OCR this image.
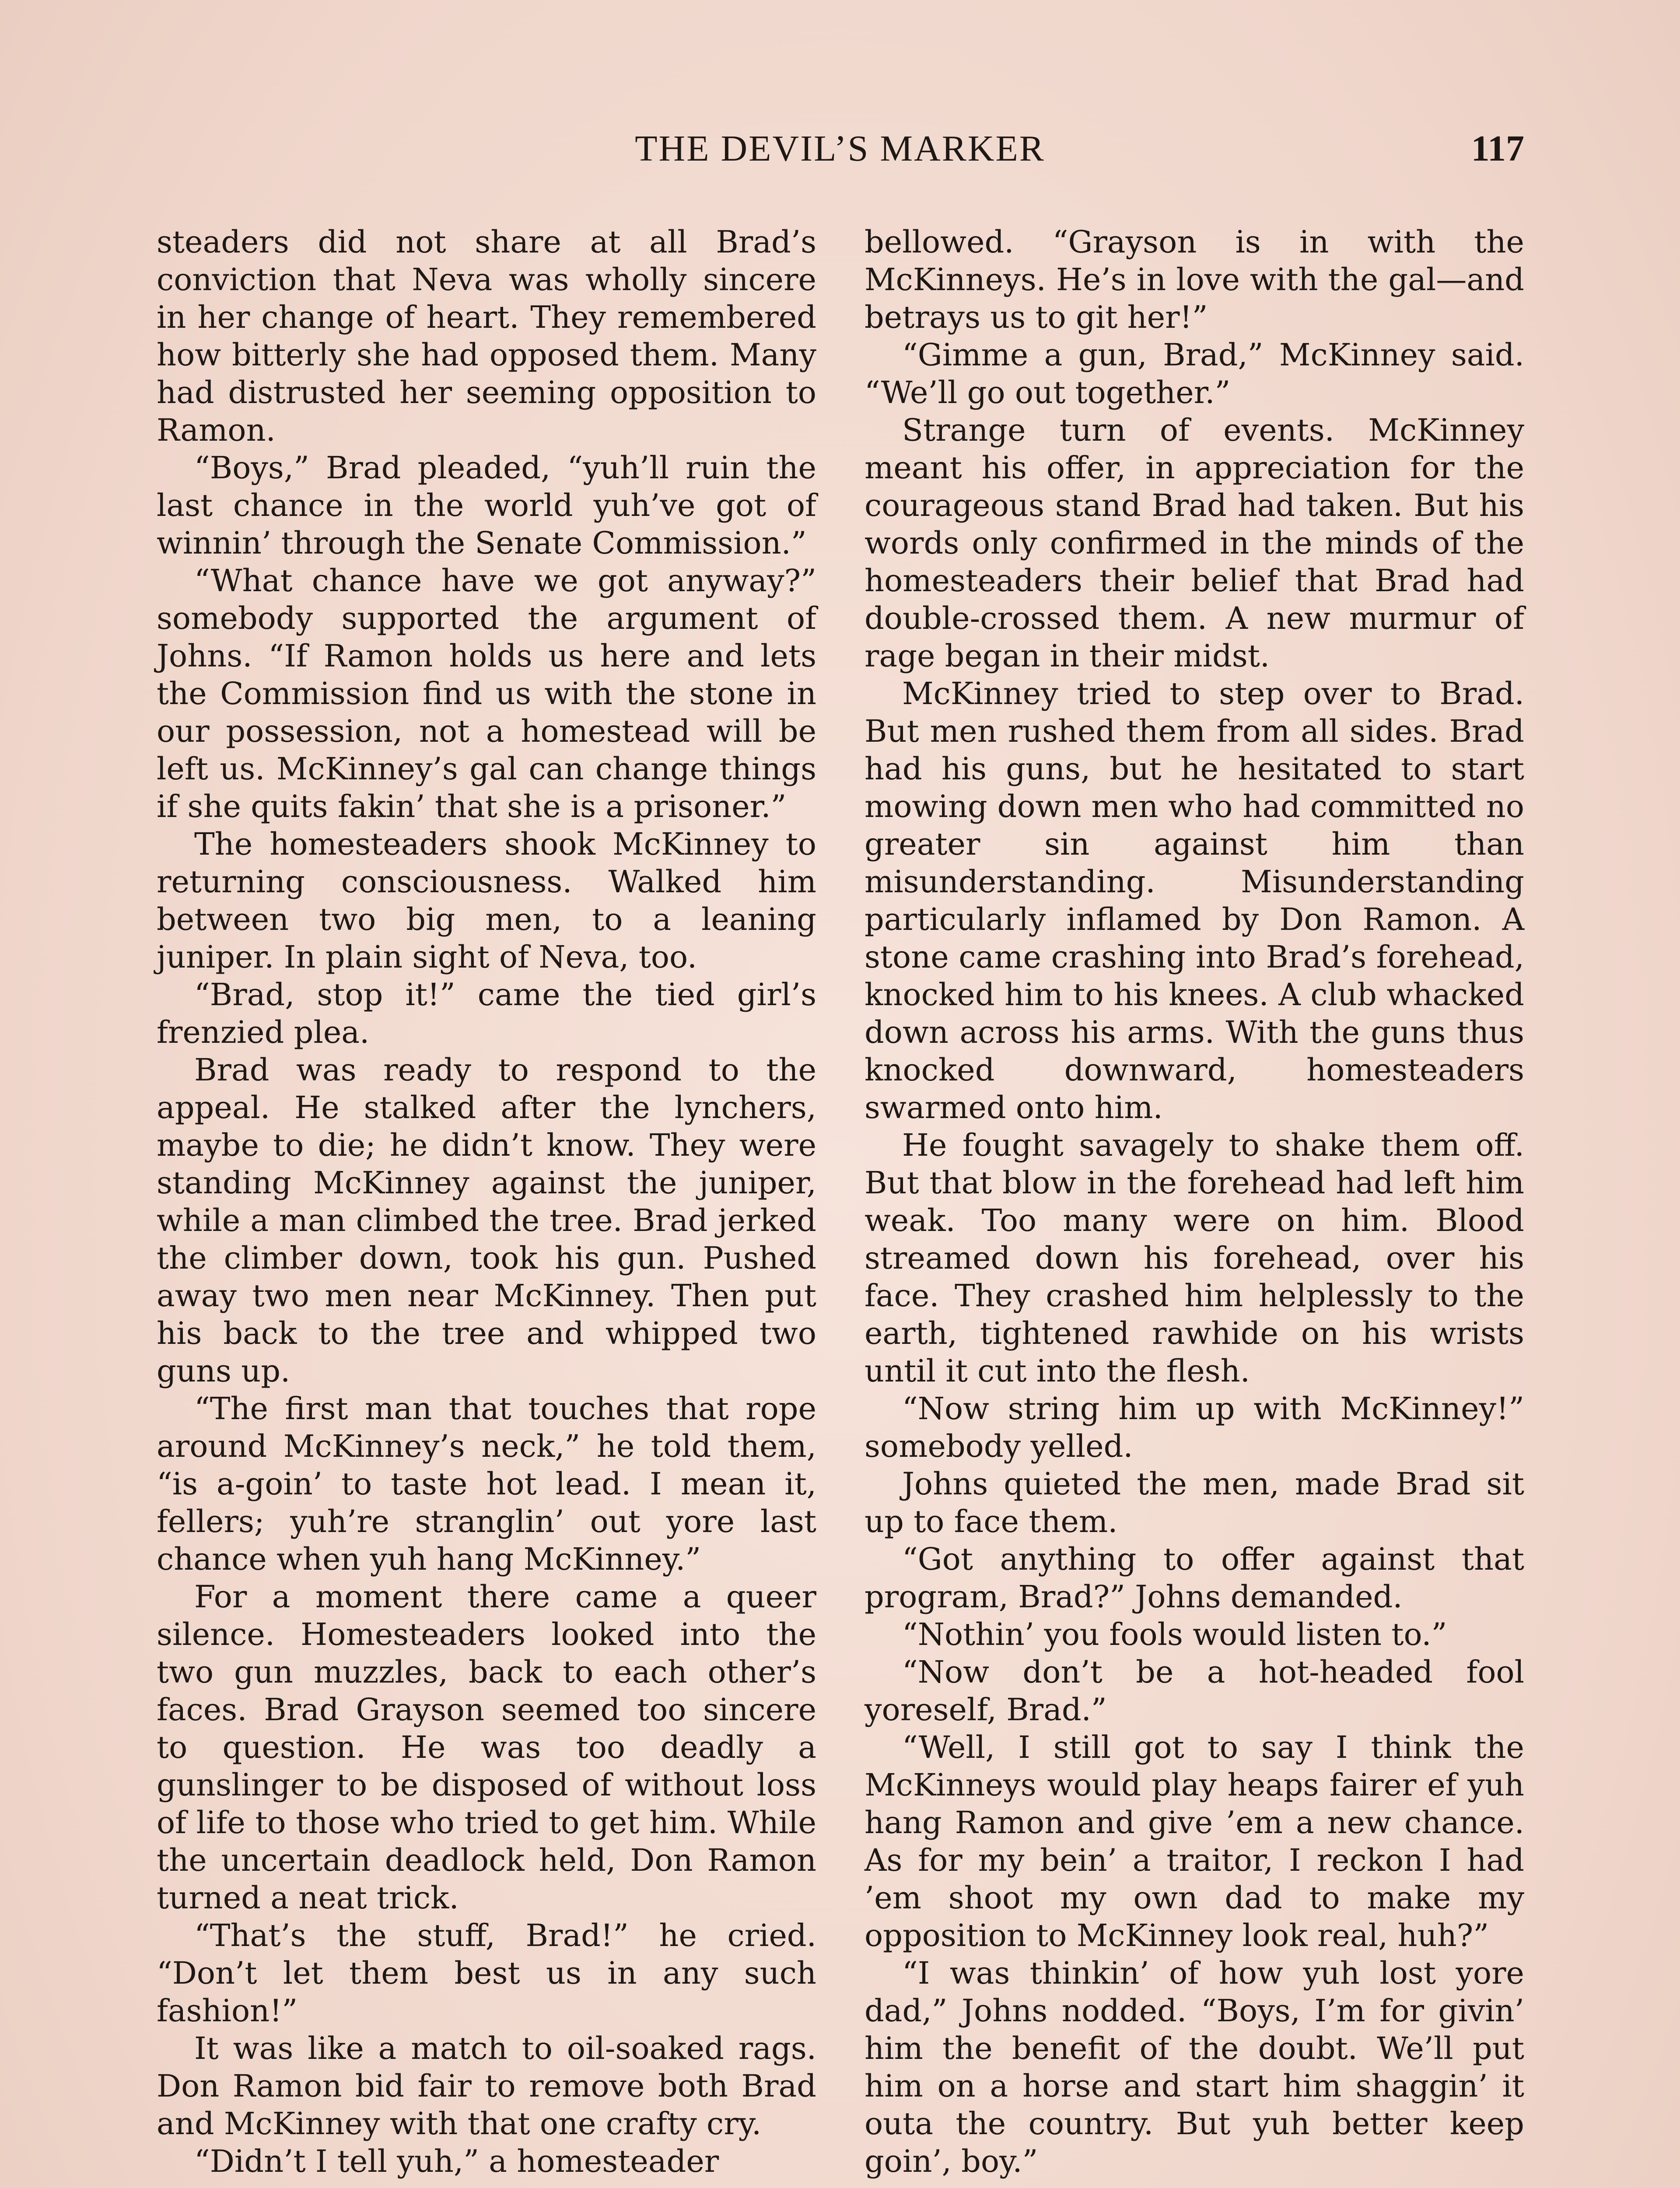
THE DEVIL’S MARKER	117

steaders did not share at all Brad’s conviction that Neva was wholly sincere in her change of heart. They remembered how bitterly she had opposed them. Many had distrusted her seeming opposition to Ramon.

“Boys,” Brad pleaded, “yuh’ll ruin the last chance in the world yuh’ve got of winnin’ through the Senate Commission.”

“What chance have we got anyway?” somebody supported the argument of Johns. “If Ramon holds us here and lets the Commission find us with the stone in our possession, not a homestead will be left us. McKinney’s gal can change things if she quits fakin’ that she is a prisoner.”

The homesteaders shook McKinney to returning consciousness. Walked him between two big men, to a leaning juniper. In plain sight of Neva, too.

“Brad, stop it!” came the tied girl’s frenzied plea.

Brad was ready to respond to the appeal. He stalked after the lynchers, maybe to die; he didn’t know. They were standing McKinney against the juniper, while a man climbed the tree. Brad jerked the climber down, took his gun. Pushed away two men near McKinney. Then put his back to the tree and whipped two guns up.

“The first man that touches that rope around McKinney’s neck,” he told them, “is a-goin’ to taste hot lead. I mean it, fellers; yuh’re stranglin’ out yore last chance when yuh hang McKinney.”

For a moment there came a queer silence. Homesteaders looked into the two gun muzzles, back to each other’s faces. Brad Grayson seemed too sincere to question. He was too deadly a gunslinger to be disposed of without loss of life to those who tried to get him. While the uncertain deadlock held, Don Ramon turned a neat trick.

“That’s the stuff, Brad!” he cried. “Don’t let them best us in any such fashion!”

It was like a match to oil-soaked rags. Don Ramon bid fair to remove both Brad and McKinney with that one crafty cry.

“Didn’t I tell yuh,” a homesteader

bellowed. “Grayson is in with the McKinneys. He’s in love with the gal—and betrays us to git her!”

“Gimme a gun, Brad,” McKinney said. “We’ll go out together.”

Strange turn of events. McKinney meant his offer, in appreciation for the courageous stand Brad had taken. But his words only confirmed in the minds of the homesteaders their belief that Brad had double-crossed them. A new murmur of rage began in their midst.

McKinney tried to step over to Brad. But men rushed them from all sides. Brad had his guns, but he hesitated to start mowing down men who had committed no greater sin against him than misunderstanding. Misunderstanding particularly inflamed by Don Ramon. A stone came crashing into Brad’s forehead, knocked him to his knees. A club whacked down across his arms. With the guns thus knocked downward, homesteaders swarmed onto him.

He fought savagely to shake them off. But that blow in the forehead had left him weak. Too many were on him. Blood streamed down his forehead, over his face. They crashed him helplessly to the earth, tightened rawhide on his wrists until it cut into the flesh.

“Now string him up with McKinney!” somebody yelled.

Johns quieted the men, made Brad sit up to face them.

“Got anything to offer against that program, Brad?” Johns demanded.

“Nothin’ you fools would listen to.”

“Now don’t be a hot-headed fool yoreself, Brad.”

“Well, I still got to say I think the McKinneys would play heaps fairer ef yuh hang Ramon and give ’em a new chance. As for my bein’ a traitor, I reckon I had ’em shoot my own dad to make my opposition to McKinney look real, huh?”

“I was thinkin’ of how yuh lost yore dad,” Johns nodded. “Boys, I’m for givin’ him the benefit of the doubt. We’ll put him on a horse and start him shaggin’ it outa the country. But yuh better keep goin’, boy.”
